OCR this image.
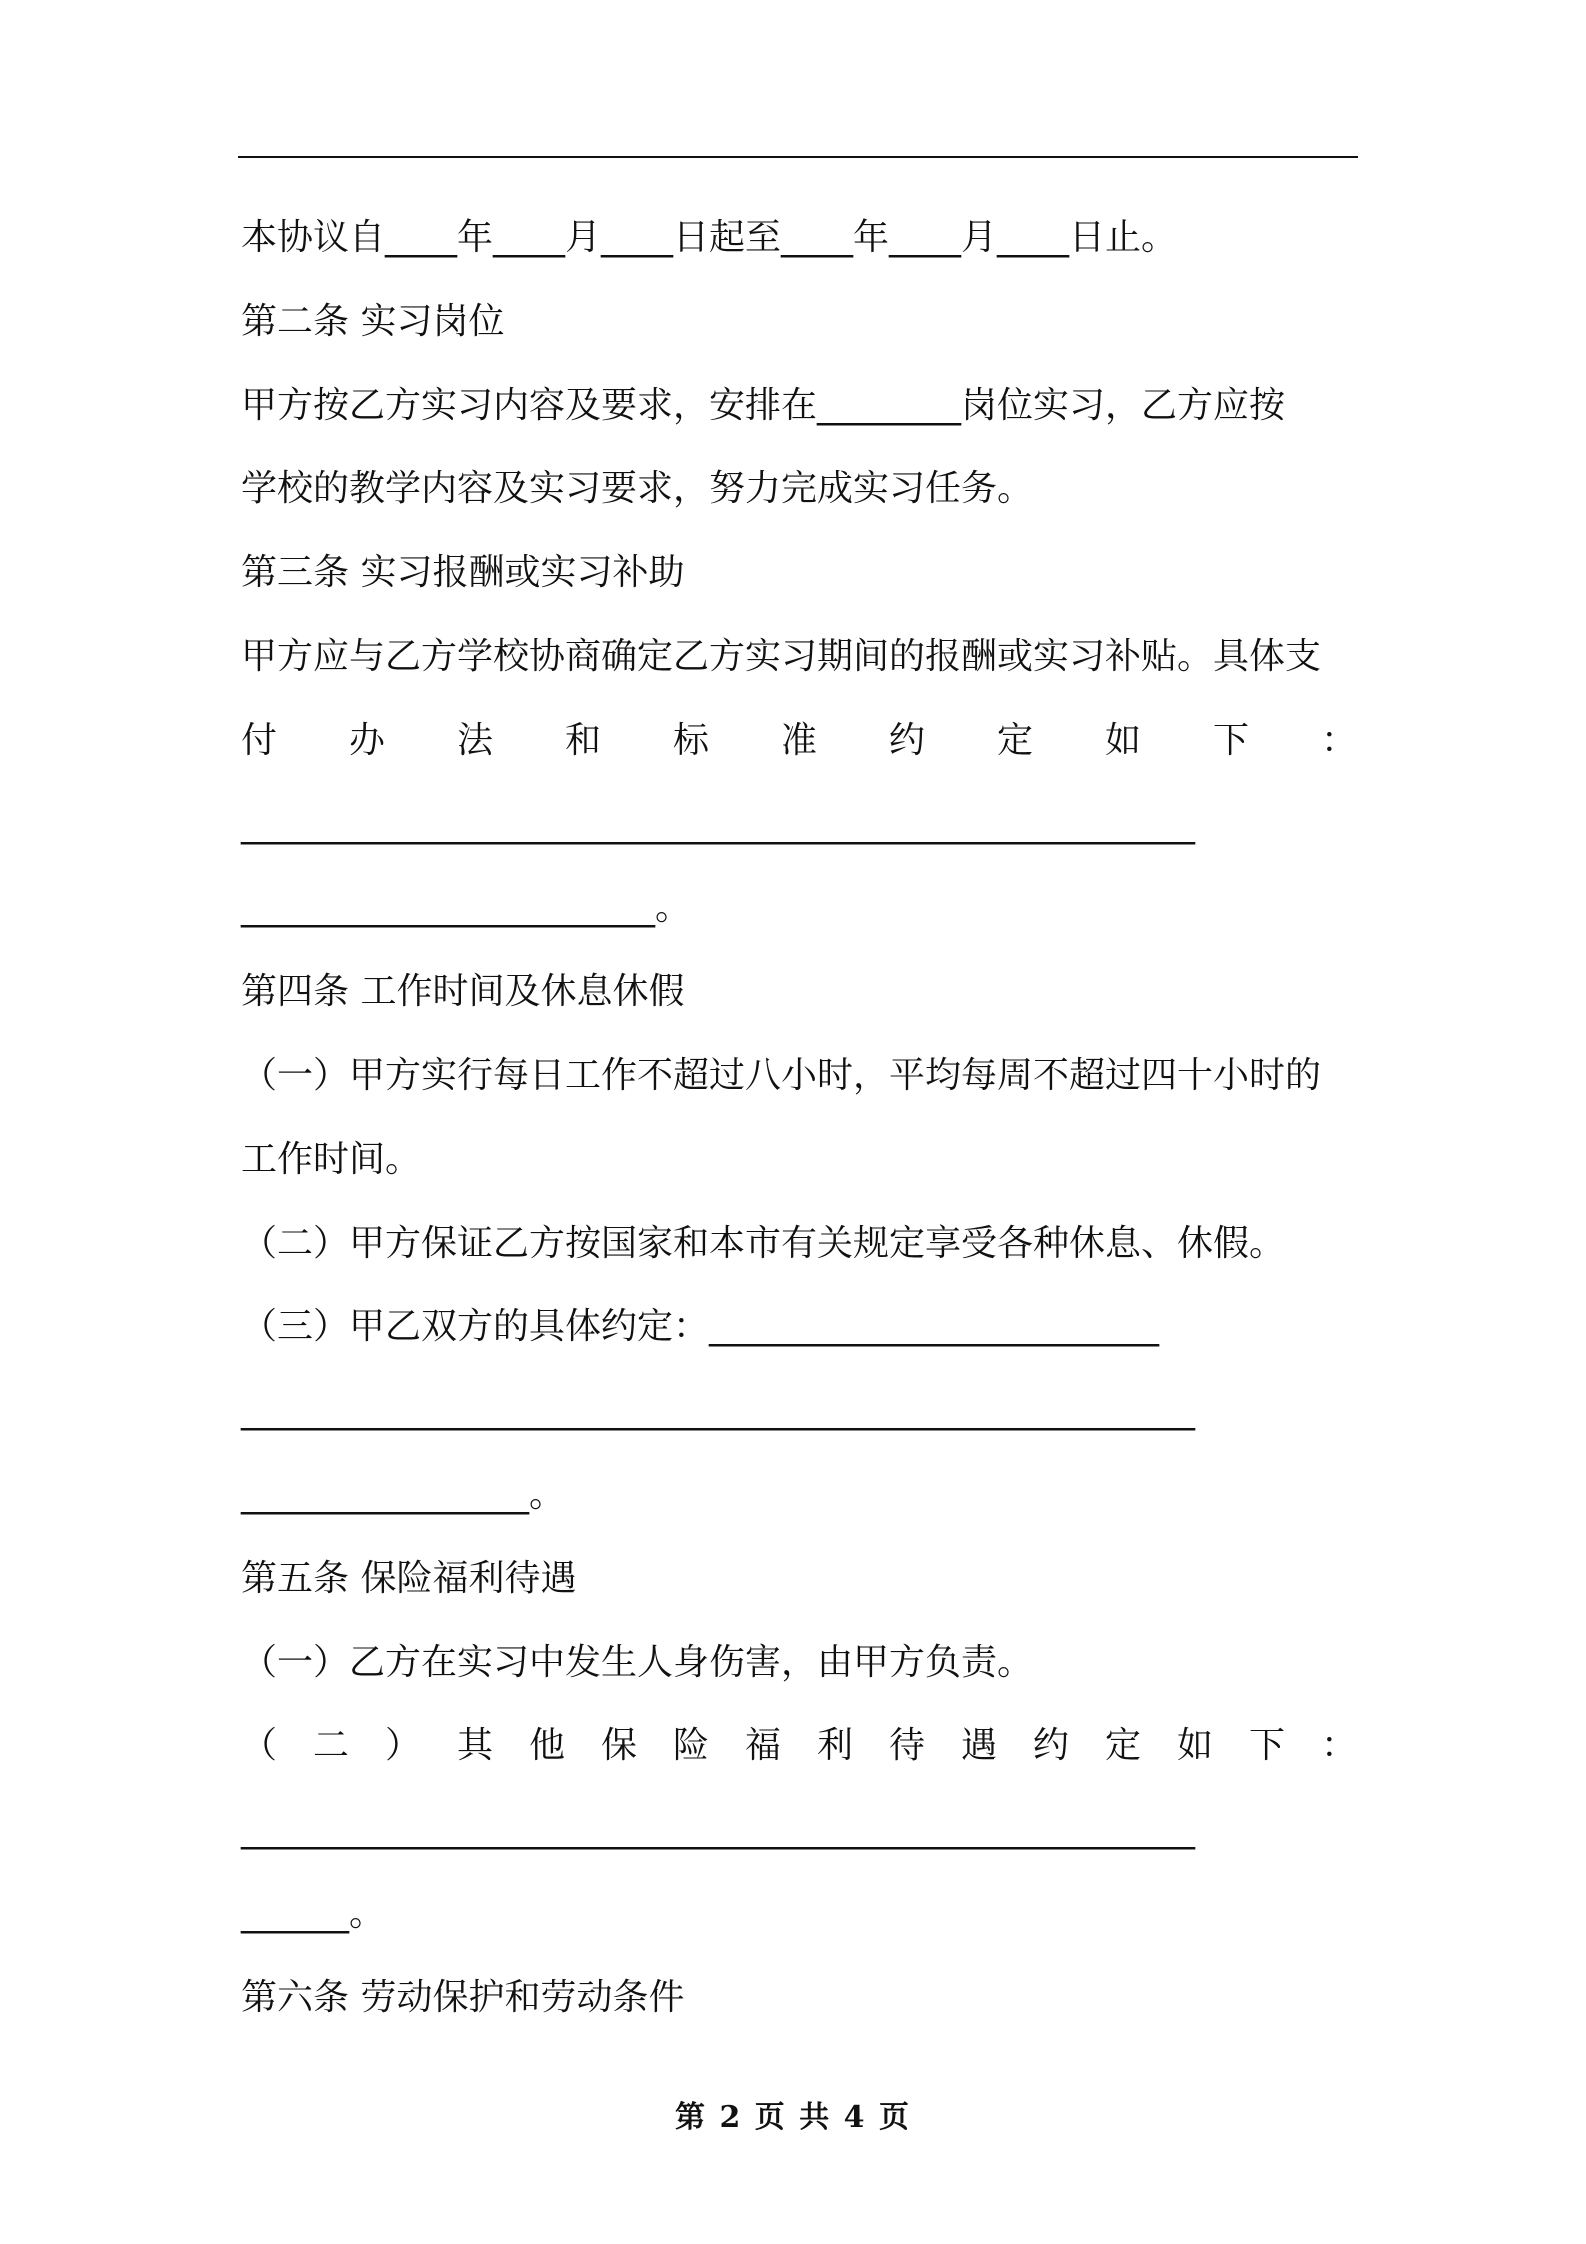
本协议自____年____月____日起至____年____月____日止。
第二条 实习岗位
甲方按乙方实习内容及要求，安排在________岗位实习，乙方应按
学校的教学内容及实习要求，努力完成实习任务。
第三条 实习报酬或实习补助
甲方应与乙方学校协商确定乙方实习期间的报酬或实习补贴。具体支
付 办 法 和 标 准 约 定 如 下 ：
_____________________________________________________
_______________________。
第四条 工作时间及休息休假
（一）甲方实行每日工作不超过八小时，平均每周不超过四十小时的
工作时间。
（二）甲方保证乙方按国家和本市有关规定享受各种休息、休假。
（三）甲乙双方的具体约定：_________________________
_____________________________________________________
________________。
第五条 保险福利待遇
（一）乙方在实习中发生人身伤害，由甲方负责。
（ 二 ） 其 他 保 险 福 利 待 遇 约 定 如 下 ：
_____________________________________________________
______。
第六条 劳动保护和劳动条件
第 2 页 共 4 页
